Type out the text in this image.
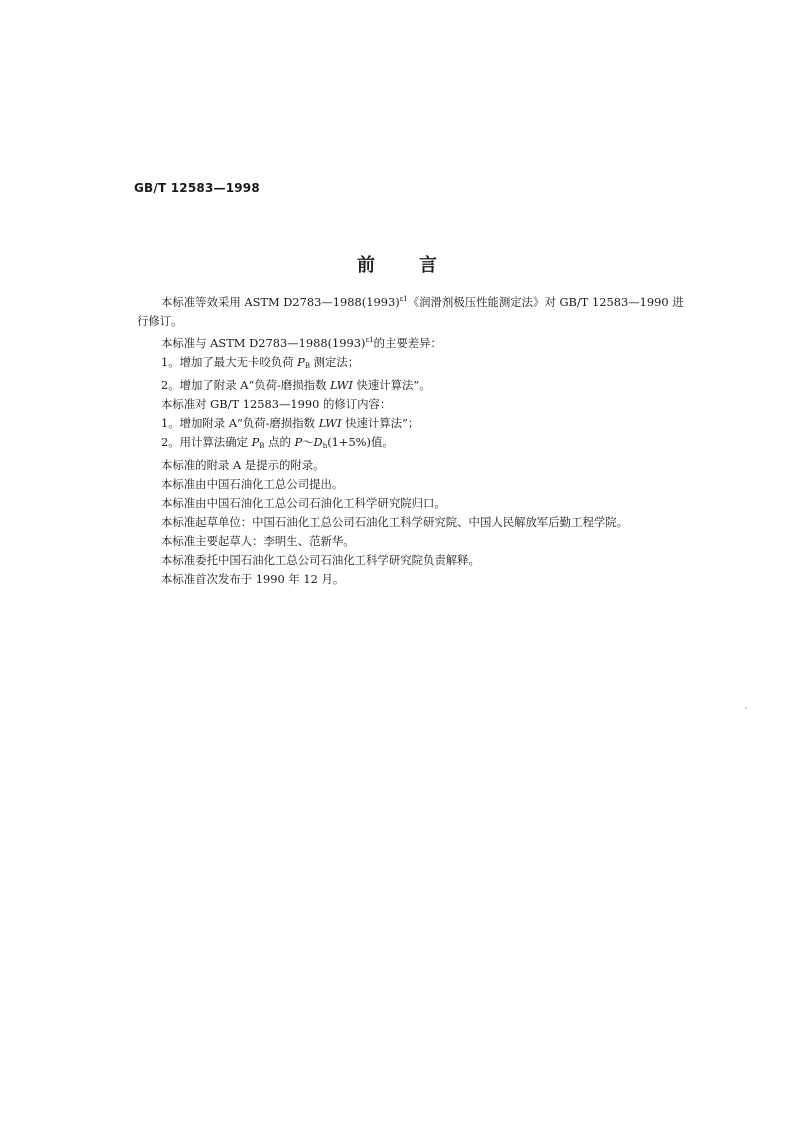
GB/T 12583—1998
前言

本标准等效采用 ASTM $D2783—1988(1993)^{\varepsilon 1}$《润滑剂极压性能测定法》对 GB/T 12583—1990 进

行修订。

本标准与 ASTM $D2783—1988(1993)^{\varepsilon 1}$的主要差异：

1。增加了最大无卡咬负荷 $P_B$ 测定法；

2。增加了附录 A“负荷-磨损指数 LWI 快速计算法”。

本标准对 GB/T 12583—1990 的修订内容：

1。增加附录 A“负荷-磨损指数 LWI 快速计算法”；

2。用计算法确定 $P_B$ 点的 $P\sim D_h(1+5\%)$值。

本标准的附录 A 是提示的附录。

本标准由中国石油化工总公司提出。

本标准由中国石油化工总公司石油化工科学研究院归口。

本标准起草单位：中国石油化工总公司石油化工科学研究院、中国人民解放军后勤工程学院。

本标准主要起草人：李明生、范新华。

本标准委托中国石油化工总公司石油化工科学研究院负责解释。

本标准首次发布于 1990 年 12 月。
